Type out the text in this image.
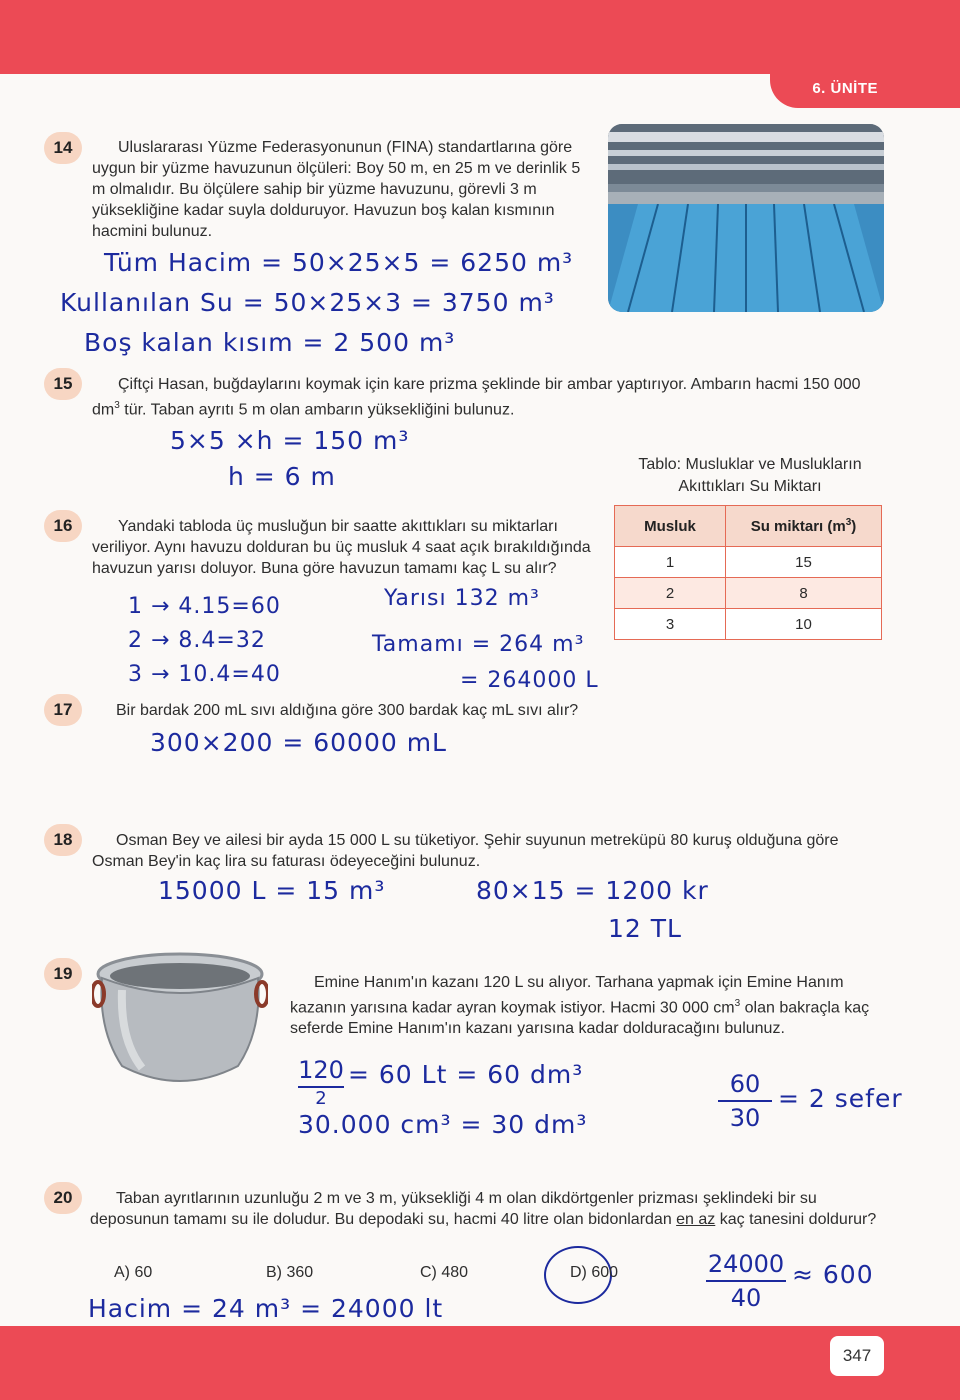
6. ÜNİTE
14	Uluslararası Yüzme Federasyonunun (FINA) standartlarına göre uygun bir yüzme havuzunun ölçüleri: Boy 50 m, en 25 m ve derinlik 5 m olmalıdır. Bu ölçülere sahip bir yüzme havuzunu, görevli 3 m yüksekliğine kadar suyla dolduruyor. Havuzun boş kalan kısmının hacmini bulunuz.
Tüm Hacim = 50×25×5 = 6250 m³
Kullanılan Su = 50×25×3 = 3750 m³
Boş kalan kısım = 2 500 m³
15	Çiftçi Hasan, buğdaylarını koymak için kare prizma şeklinde bir ambar yaptırıyor. Ambarın hacmi 150 000 $dm^3$ tür. Taban ayrıtı 5 m olan ambarın yüksekliğini bulunuz.
5×5 ×h = 150 m³
h = 6 m	Tablo: Musluklar ve Muslukların Akıttıkları Su Miktarı
Musluk	Su miktarı $(m^3)$
1	15
2	8
3	10
16	Yandaki tabloda üç musluğun bir saatte akıttıkları su miktarları veriliyor. Aynı havuzu dolduran bu üç musluk 4 saat açık bırakıldığında havuzun yarısı doluyor. Buna göre havuzun tamamı kaç L su alır?
1 → 4.15=60
2 → 8.4=32
3 → 10.4=40
Yarısı 132 m³
Tamamı = 264 m³
= 264000 L
17	Bir bardak 200 mL sıvı aldığına göre 300 bardak kaç mL sıvı alır?
300×200 = 60000 mL
18	Osman Bey ve ailesi bir ayda 15 000 L su tüketiyor. Şehir suyunun metreküpü 80 kuruş olduğuna göre Osman Bey'in kaç lira su faturası ödeyeceğini bulunuz.
15000 L = 15 m³	80×15 = 1200 kr
12 TL
19	Emine Hanım'ın kazanı 120 L su alıyor. Tarhana yapmak için Emine Hanım kazanın yarısına kadar ayran koymak istiyor. Hacmi 30 000 $cm^3$ olan bakraçla kaç seferde Emine Hanım'ın kazanı yarısına kadar dolduracağını bulunuz.
120
2
= 60 Lt = 60 dm³
30.000 cm³ = 30 dm³
60
30
= 2 sefer
20	Taban ayrıtlarının uzunluğu 2 m ve 3 m, yüksekliği 4 m olan dikdörtgenler prizması şeklindeki bir su deposunun tamamı su ile doludur. Bu depodaki su, hacmi 40 litre olan bidonlardan en az kaç tanesini doldurur?
A) 60	B) 360	C) 480	D) 600	24000
40
≈ 600
Hacim = 24 m³ = 24000 lt
347
